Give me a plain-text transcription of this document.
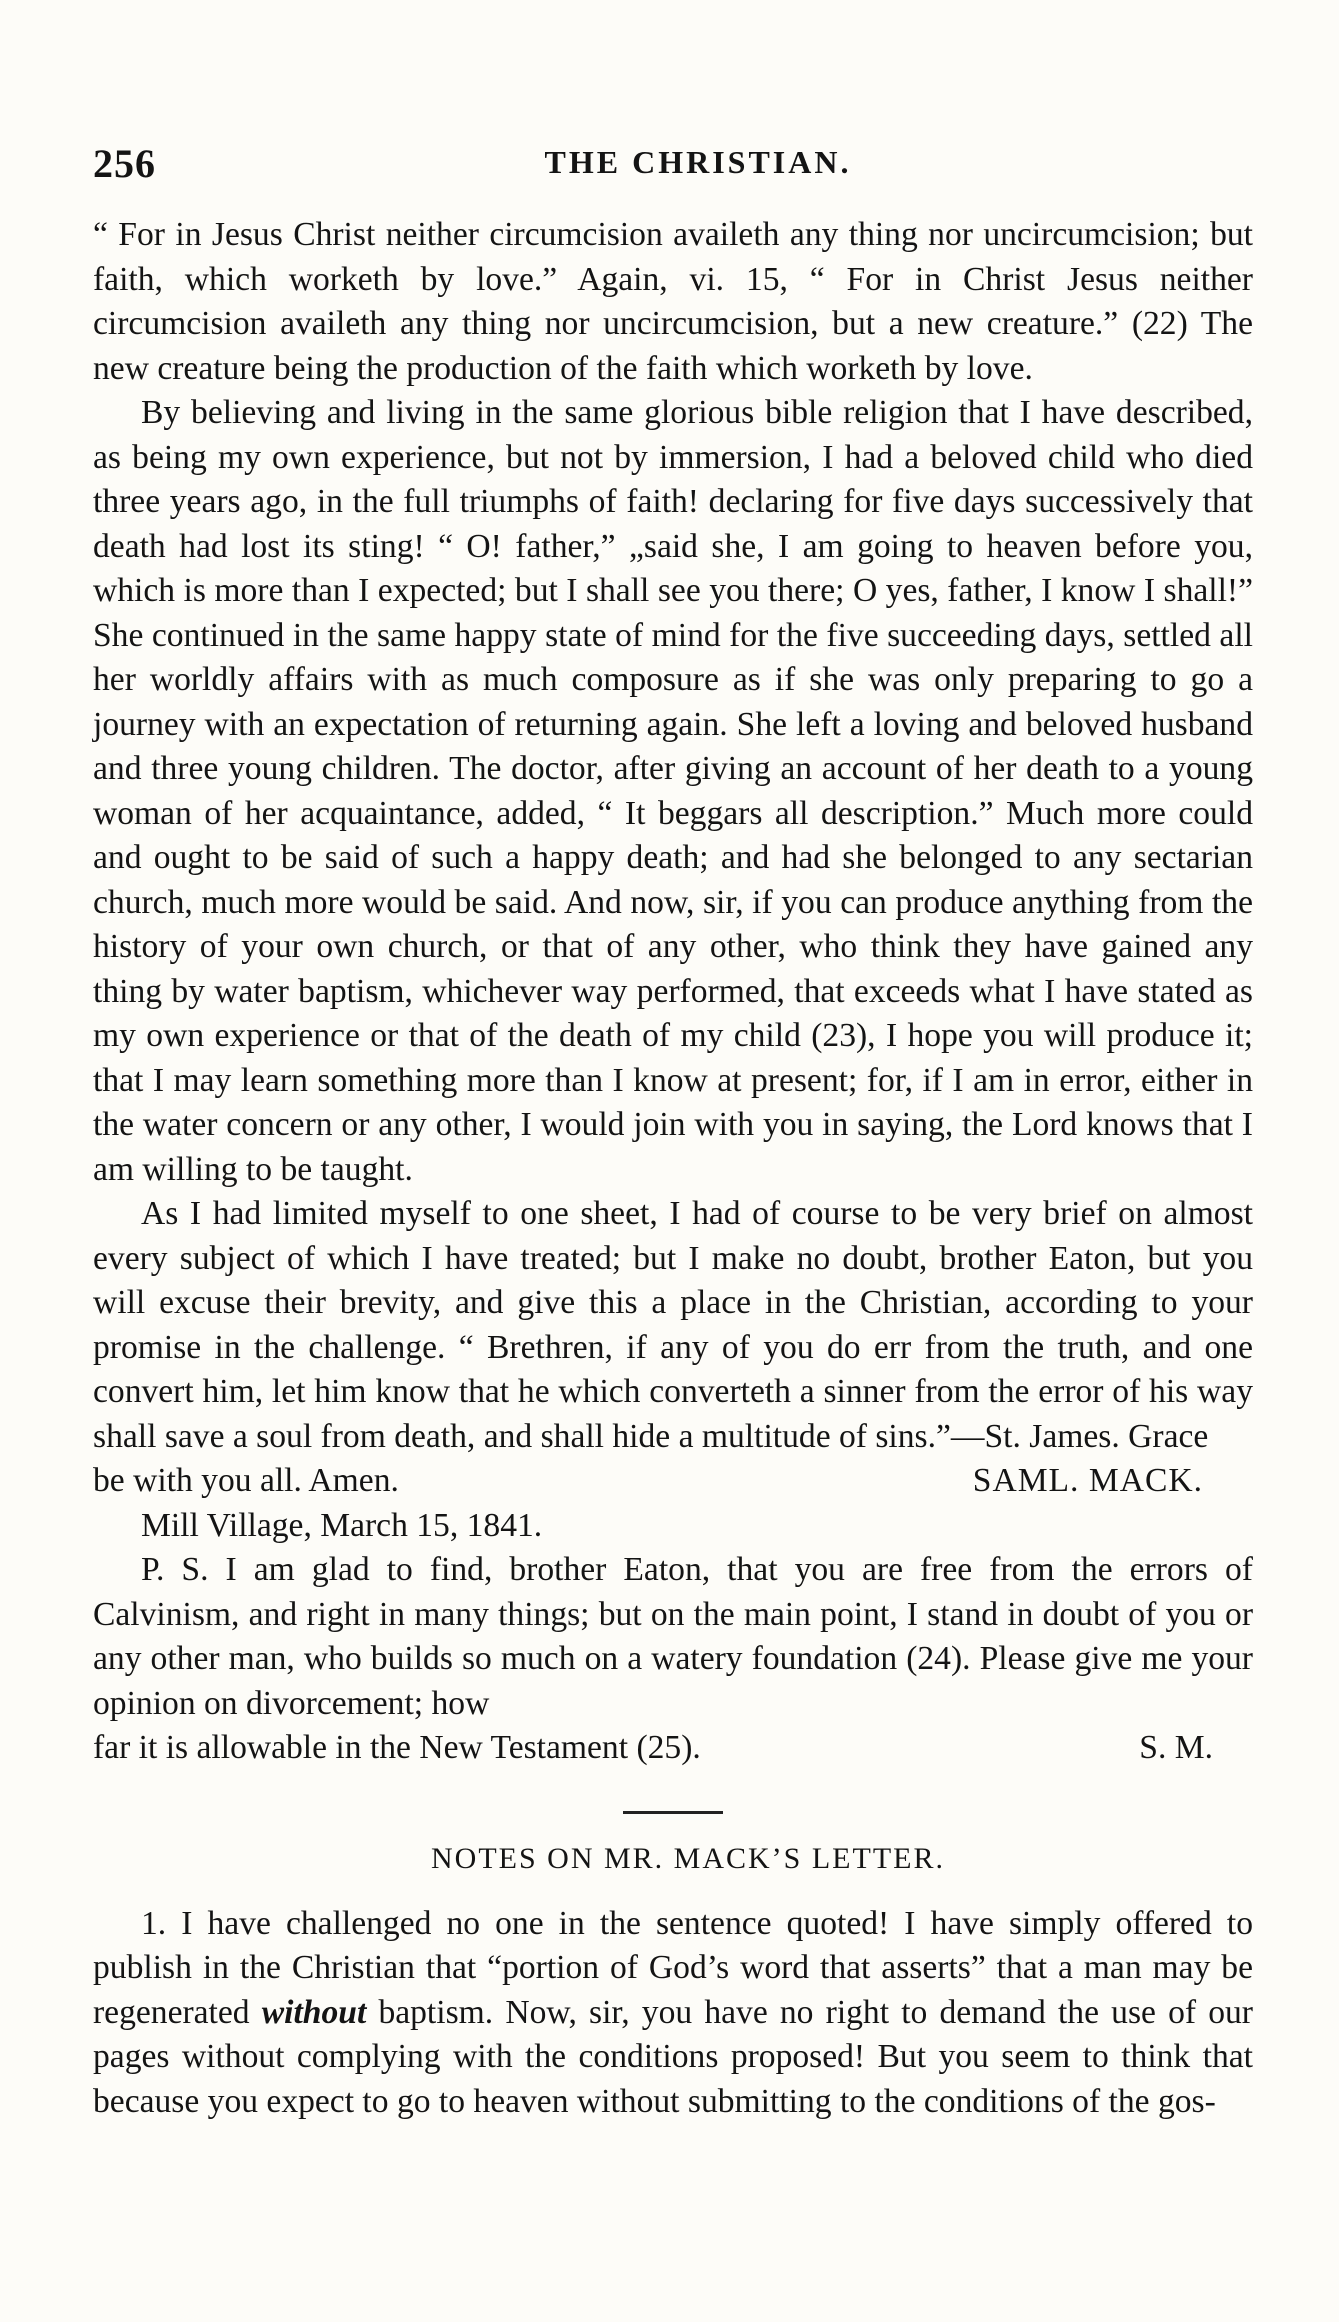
256	THE CHRISTIAN.

“ For in Jesus Christ neither circumcision availeth any thing nor uncircumcision; but faith, which worketh by love.” Again, vi. 15, “ For in Christ Jesus neither circumcision availeth any thing nor uncircumcision, but a new creature.” (22) The new creature being the production of the faith which worketh by love.

By believing and living in the same glorious bible religion that I have described, as being my own experience, but not by immersion, I had a beloved child who died three years ago, in the full triumphs of faith! declaring for five days successively that death had lost its sting! “ O! father,” „said she, I am going to heaven before you, which is more than I expected; but I shall see you there; O yes, father, I know I shall!” She continued in the same happy state of mind for the five succeeding days, settled all her worldly affairs with as much composure as if she was only preparing to go a journey with an expectation of returning again. She left a loving and beloved husband and three young children. The doctor, after giving an account of her death to a young woman of her acquaintance, added, “ It beggars all description.” Much more could and ought to be said of such a happy death; and had she belonged to any sectarian church, much more would be said. And now, sir, if you can produce anything from the history of your own church, or that of any other, who think they have gained any thing by water baptism, whichever way performed, that exceeds what I have stated as my own experience or that of the death of my child (23), I hope you will produce it; that I may learn something more than I know at present; for, if I am in error, either in the water concern or any other, I would join with you in saying, the Lord knows that I am willing to be taught.

As I had limited myself to one sheet, I had of course to be very brief on almost every subject of which I have treated; but I make no doubt, brother Eaton, but you will excuse their brevity, and give this a place in the Christian, according to your promise in the challenge. “ Brethren, if any of you do err from the truth, and one convert him, let him know that he which converteth a sinner from the error of his way shall save a soul from death, and shall hide a multitude of sins.”—St. James. Grace

be with you all. Amen.	SAML. MACK.

Mill Village, March 15, 1841.

P. S. I am glad to find, brother Eaton, that you are free from the errors of Calvinism, and right in many things; but on the main point, I stand in doubt of you or any other man, who builds so much on a watery foundation (24). Please give me your opinion on divorcement; how

far it is allowable in the New Testament (25).	S. M.

NOTES ON MR. MACK’S LETTER.

1. I have challenged no one in the sentence quoted! I have simply offered to publish in the Christian that “portion of God’s word that asserts” that a man may be regenerated without baptism. Now, sir, you have no right to demand the use of our pages without complying with the conditions proposed! But you seem to think that because you expect to go to heaven without submitting to the conditions of the gos-
